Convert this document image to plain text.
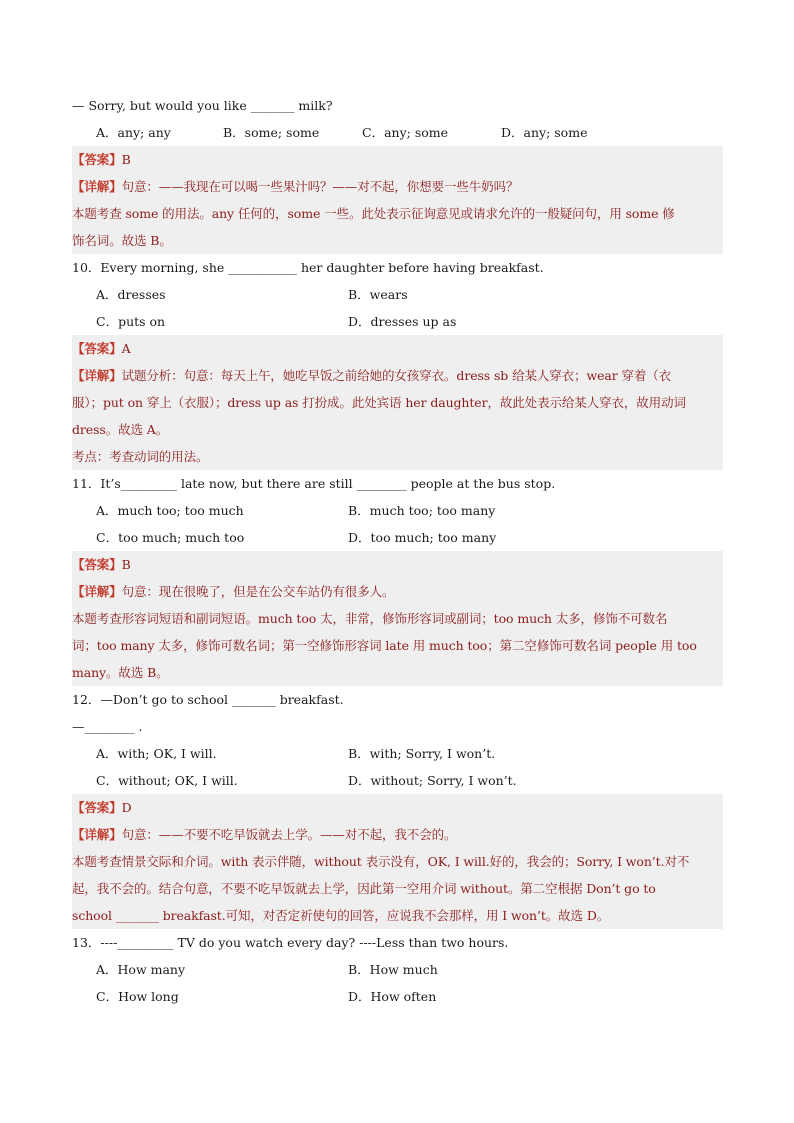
— Sorry, but would you like _______ milk?
A．any; any	B．some; some	C．any; some	D．any; some
【答案】B
【详解】句意：——我现在可以喝一些果汁吗？——对不起，你想要一些牛奶吗？
本题考查 some 的用法。any 任何的，some 一些。此处表示征询意见或请求允许的一般疑问句，用 some 修
饰名词。故选 B。
10．Every morning, she ___________ her daughter before having breakfast.
A．dresses	B．wears
C．puts on	D．dresses up as
【答案】A
【详解】试题分析：句意：每天上午，她吃早饭之前给她的女孩穿衣。dress sb 给某人穿衣；wear 穿着（衣
服）；put on 穿上（衣服）；dress up as 打扮成。此处宾语 her daughter，故此处表示给某人穿衣，故用动词
dress。故选 A。
考点：考查动词的用法。
11．It’s_________ late now, but there are still ________ people at the bus stop.
A．much too; too much	B．much too; too many
C．too much; much too	D．too much; too many
【答案】B
【详解】句意：现在很晚了，但是在公交车站仍有很多人。
本题考查形容词短语和副词短语。much too 太，非常，修饰形容词或副词；too much 太多，修饰不可数名
词；too many 太多，修饰可数名词；第一空修饰形容词 late 用 much too；第二空修饰可数名词 people 用 too
many。故选 B。
12．—Don’t go to school _______ breakfast.
—________ .
A．with; OK, I will.	B．with; Sorry, I won’t.
C．without; OK, I will.	D．without; Sorry, I won’t.
【答案】D
【详解】句意：——不要不吃早饭就去上学。——对不起，我不会的。
本题考查情景交际和介词。with 表示伴随，without 表示没有，OK, I will.好的，我会的；Sorry, I won’t.对不
起，我不会的。结合句意，不要不吃早饭就去上学，因此第一空用介词 without。第二空根据 Don’t go to
school _______ breakfast.可知，对否定祈使句的回答，应说我不会那样，用 I won’t。故选 D。
13．----_________ TV do you watch every day? ----Less than two hours.
A．How many	B．How much
C．How long	D．How often
